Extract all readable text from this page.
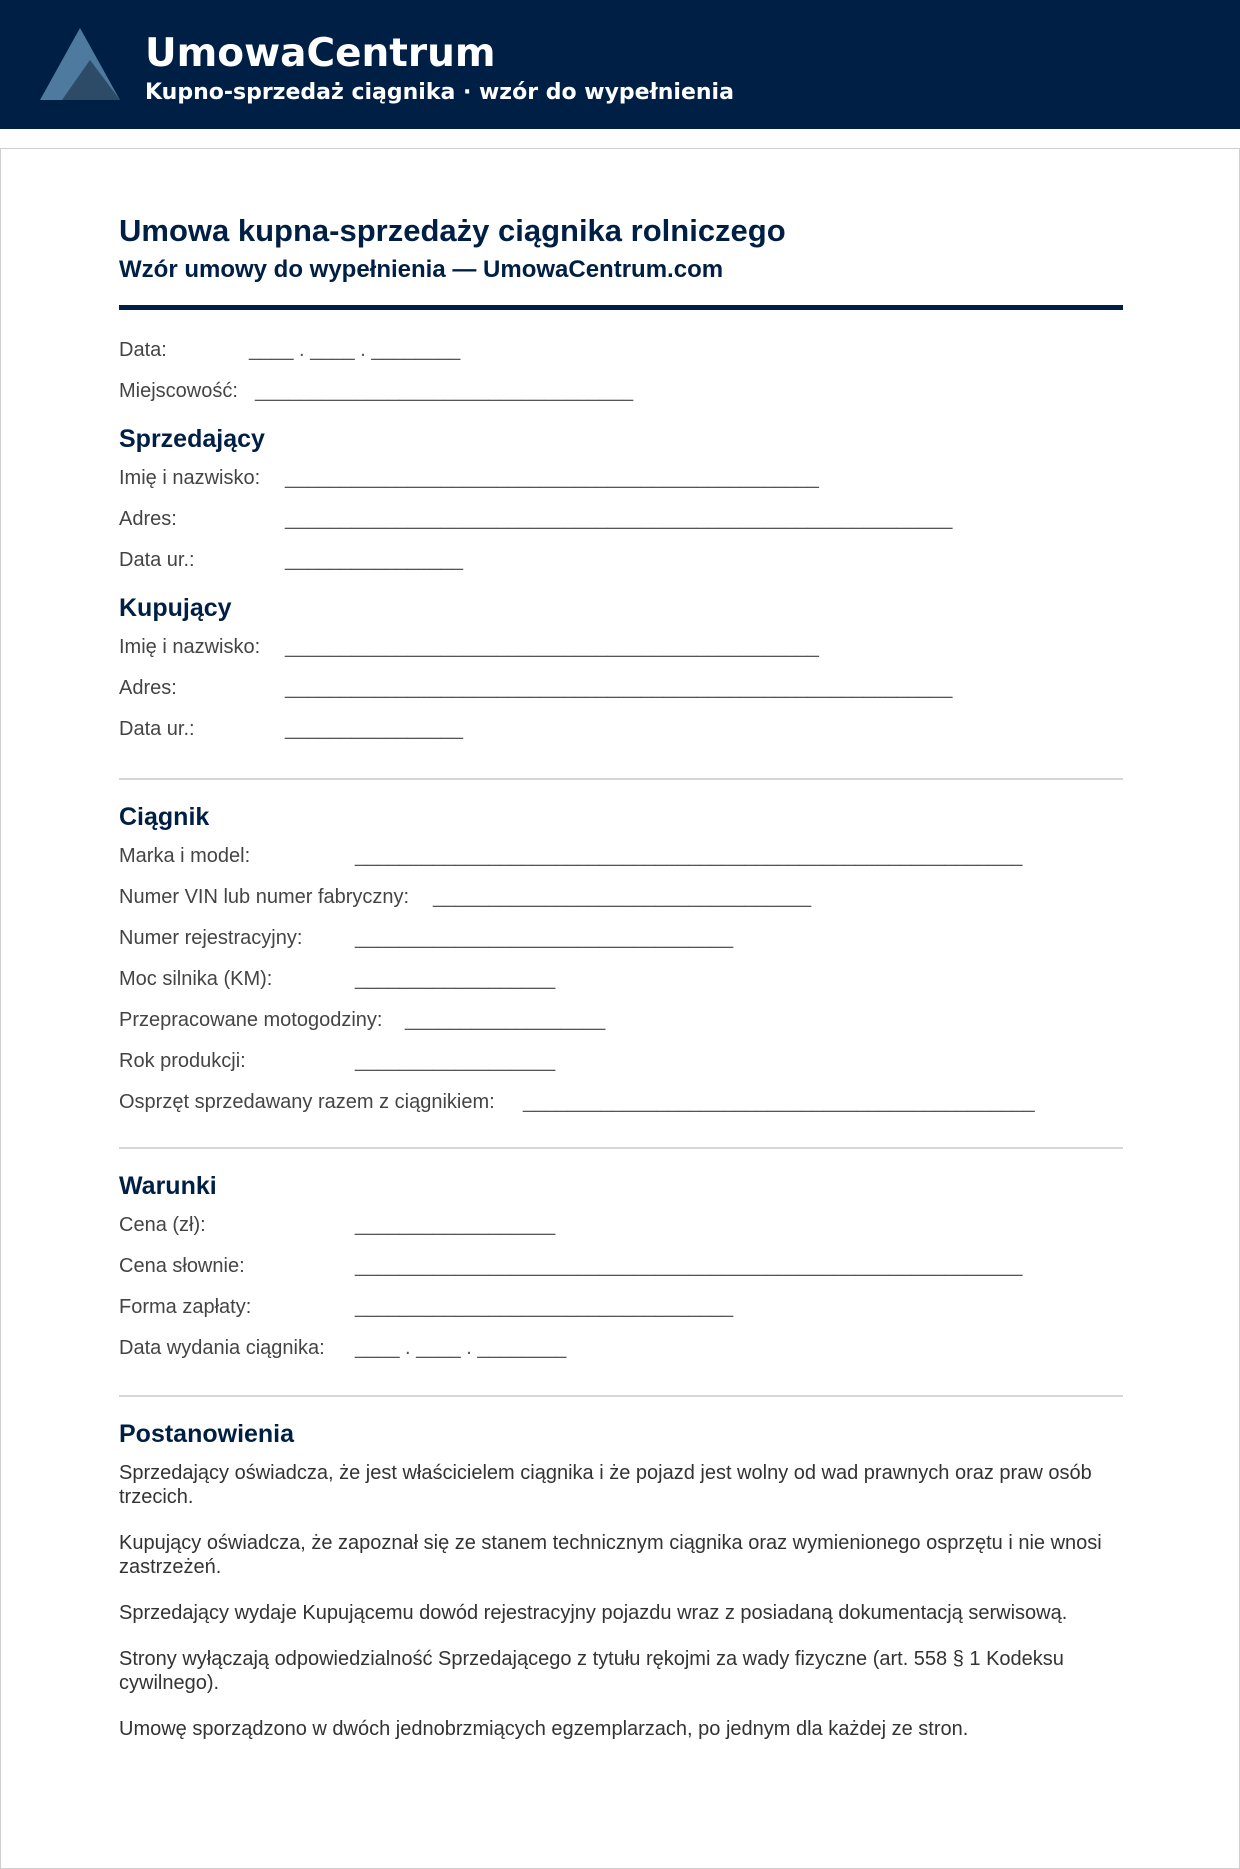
UmowaCentrum
Kupno-sprzedaż ciągnika · wzór do wypełnienia
Umowa kupna-sprzedaży ciągnika rolniczego
Wzór umowy do wypełnienia — UmowaCentrum.com
Data:	____ . ____ . ________
Miejscowość: __________________________________
Sprzedający
Imię i nazwisko: ________________________________________________
Adres:	____________________________________________________________
Data ur.:	________________
Kupujący
Imię i nazwisko: ________________________________________________
Adres:	____________________________________________________________
Data ur.:	________________
Ciągnik
Marka i model:	____________________________________________________________
Numer VIN lub numer fabryczny: __________________________________
Numer rejestracyjny:	__________________________________
Moc silnika (KM):	__________________
Przepracowane motogodziny: __________________
Rok produkcji:	__________________
Osprzęt sprzedawany razem z ciągnikiem: ______________________________________________
Warunki
Cena (zł):	__________________
Cena słownie:	____________________________________________________________
Forma zapłaty:	__________________________________
Data wydania ciągnika: ____ . ____ . ________
Postanowienia

Sprzedający oświadcza, że jest właścicielem ciągnika i że pojazd jest wolny od wad prawnych oraz praw osób trzecich.

Kupujący oświadcza, że zapoznał się ze stanem technicznym ciągnika oraz wymienionego osprzętu i nie wnosi zastrzeżeń.

Sprzedający wydaje Kupującemu dowód rejestracyjny pojazdu wraz z posiadaną dokumentacją serwisową.

Strony wyłączają odpowiedzialność Sprzedającego z tytułu rękojmi za wady fizyczne (art. 558 § 1 Kodeksu cywilnego).

Umowę sporządzono w dwóch jednobrzmiących egzemplarzach, po jednym dla każdej ze stron.
